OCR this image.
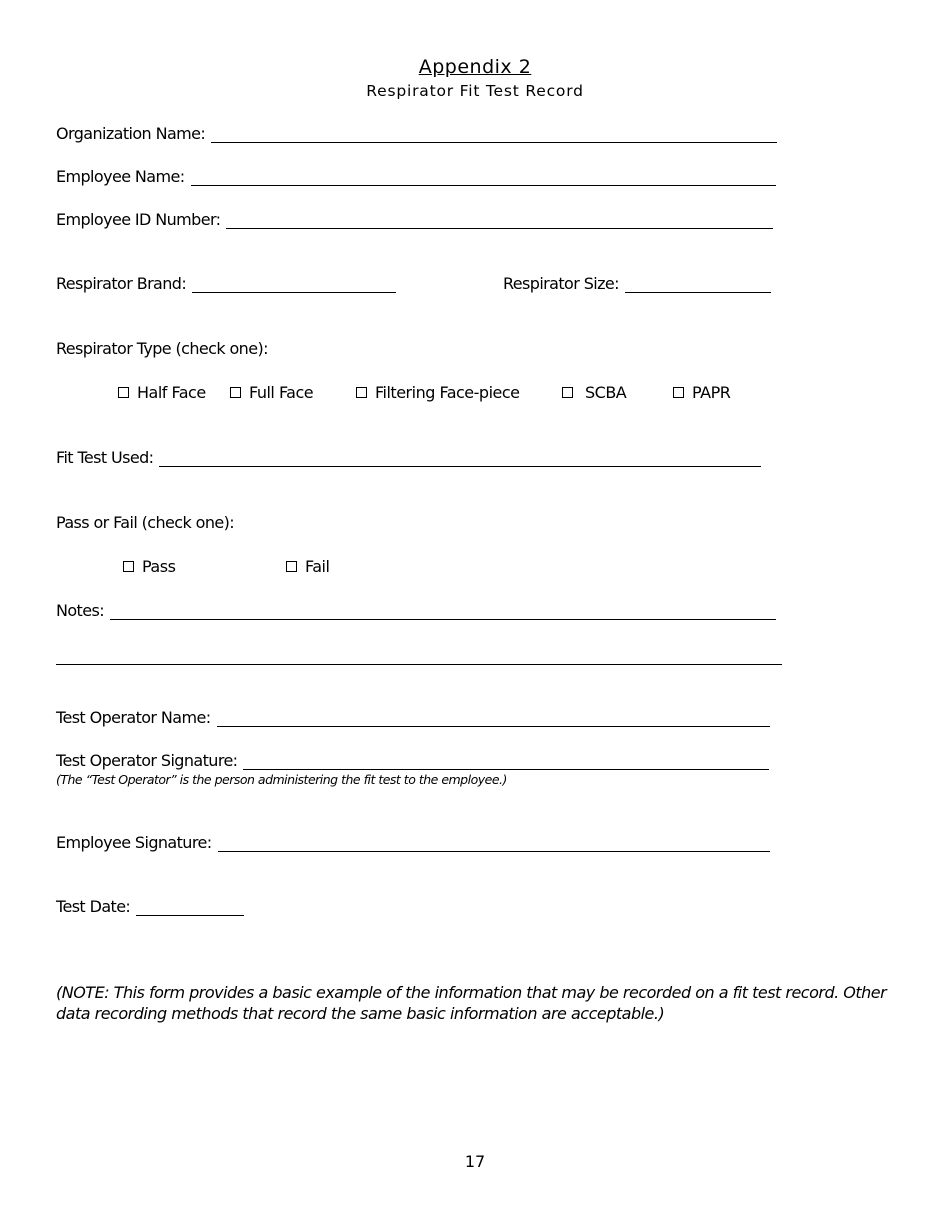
Appendix 2
Respirator Fit Test Record
Organization Name:
Employee Name:
Employee ID Number:
Respirator Brand:	Respirator Size:
Respirator Type (check one):
Half Face	Full Face	Filtering Face-piece	SCBA	PAPR
Fit Test Used:
Pass or Fail (check one):
Pass	Fail
Notes:
Test Operator Name:
Test Operator Signature:
(The “Test Operator” is the person administering the fit test to the employee.)
Employee Signature:
Test Date:
(NOTE: This form provides a basic example of the information that may be recorded on a fit test record. Other data recording methods that record the same basic information are acceptable.)
17
